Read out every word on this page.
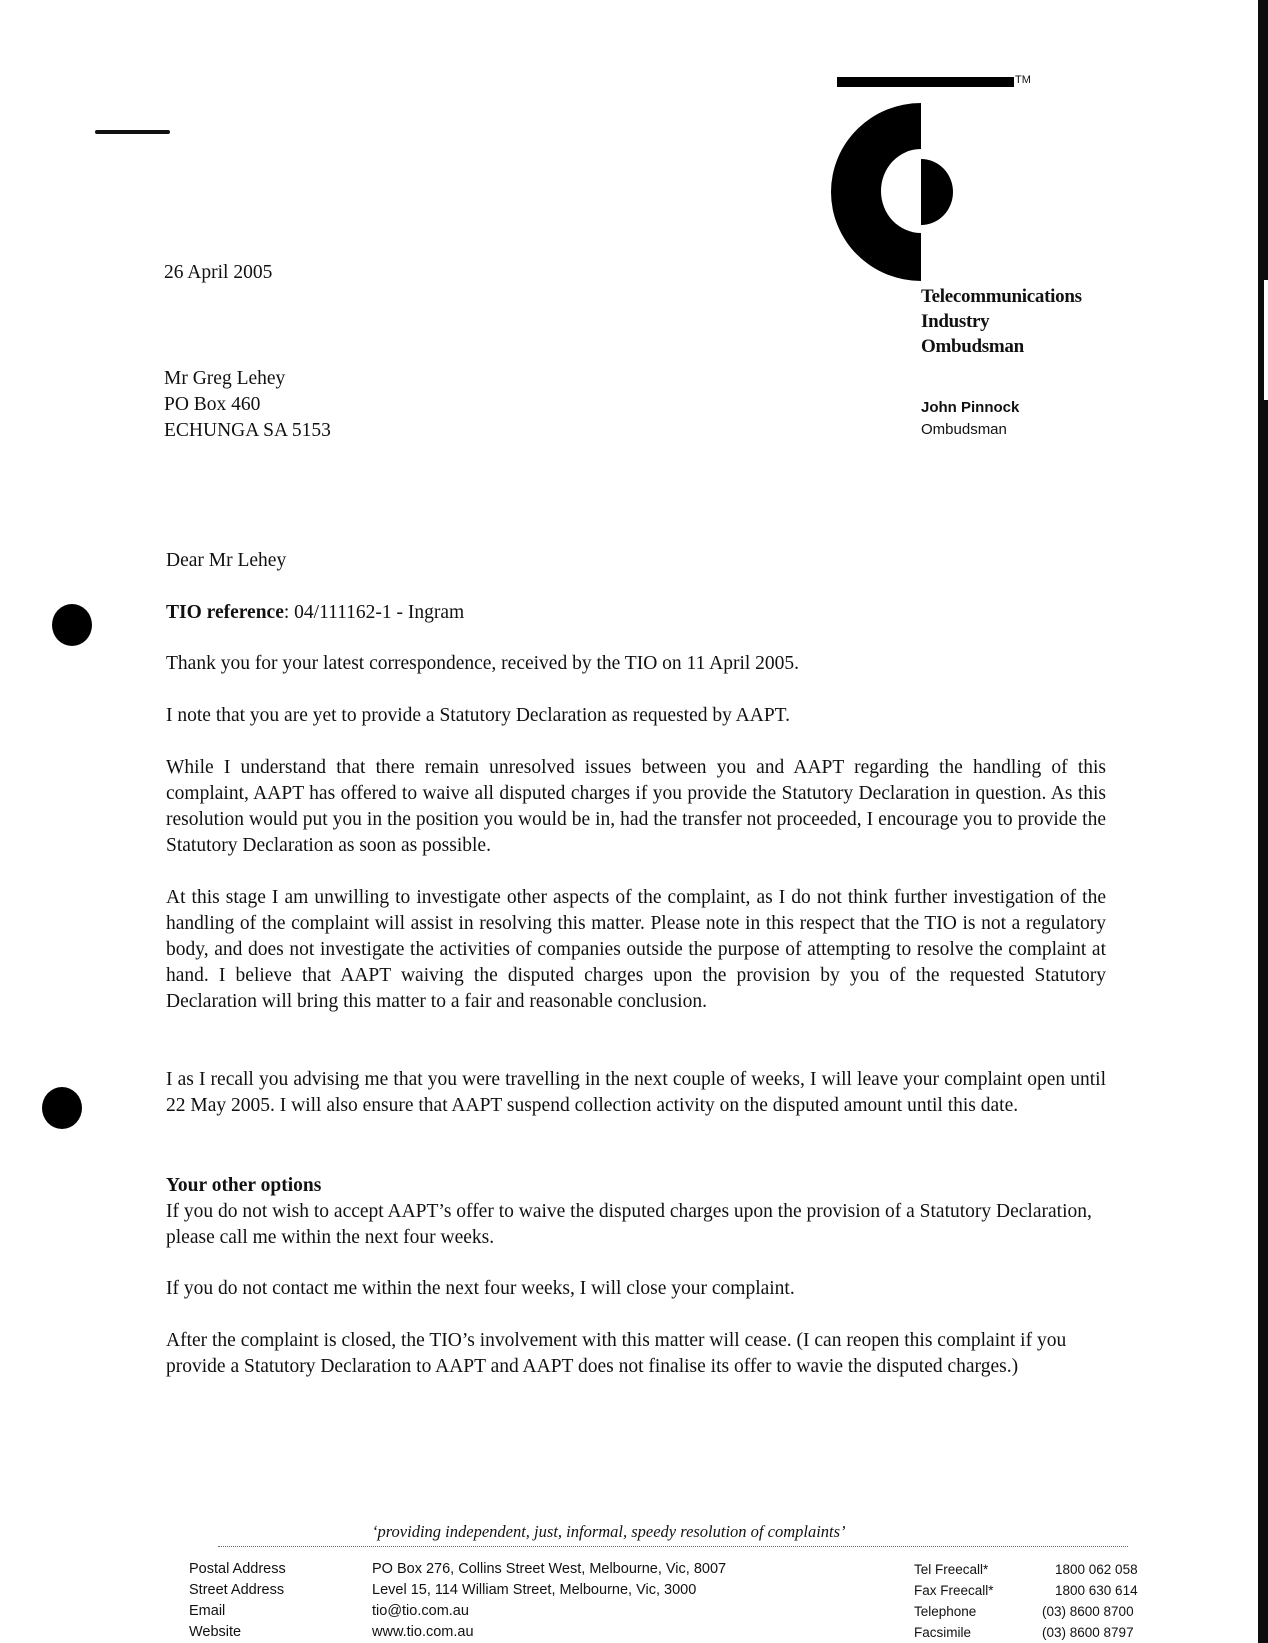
TM
Telecommunications
Industry
Ombudsman
John Pinnock
Ombudsman
26 April 2005
Mr Greg Lehey
PO Box 460
ECHUNGA SA 5153
Dear Mr Lehey
TIO reference: 04/111162-1 - Ingram
Thank you for your latest correspondence, received by the TIO on 11 April 2005.
I note that you are yet to provide a Statutory Declaration as requested by AAPT.
While I understand that there remain unresolved issues between you and AAPT regarding the handling of this complaint, AAPT has offered to waive all disputed charges if you provide the Statutory Declaration in question. As this resolution would put you in the position you would be in, had the transfer not proceeded, I encourage you to provide the Statutory Declaration as soon as possible.
At this stage I am unwilling to investigate other aspects of the complaint, as I do not think further investigation of the handling of the complaint will assist in resolving this matter. Please note in this respect that the TIO is not a regulatory body, and does not investigate the activities of companies outside the purpose of attempting to resolve the complaint at hand. I believe that AAPT waiving the disputed charges upon the provision by you of the requested Statutory Declaration will bring this matter to a fair and reasonable conclusion.
I as I recall you advising me that you were travelling in the next couple of weeks, I will leave your complaint open until 22 May 2005. I will also ensure that AAPT suspend collection activity on the disputed amount until this date.
Your other options
If you do not wish to accept AAPT’s offer to waive the disputed charges upon the provision of a Statutory Declaration, please call me within the next four weeks.
If you do not contact me within the next four weeks, I will close your complaint.
After the complaint is closed, the TIO’s involvement with this matter will cease. (I can reopen this complaint if you provide a Statutory Declaration to AAPT and AAPT does not finalise its offer to wavie the disputed charges.)
‘providing independent, just, informal, speedy resolution of complaints’
Postal Address	PO Box 276, Collins Street West, Melbourne, Vic, 8007	Tel Freecall*	1800 062 058
Street Address	Level 15, 114 William Street, Melbourne, Vic, 3000	Fax Freecall*	1800 630 614
Email	tio@tio.com.au	Telephone	(03) 8600 8700
Website	www.tio.com.au	Facsimile	(03) 8600 8797
